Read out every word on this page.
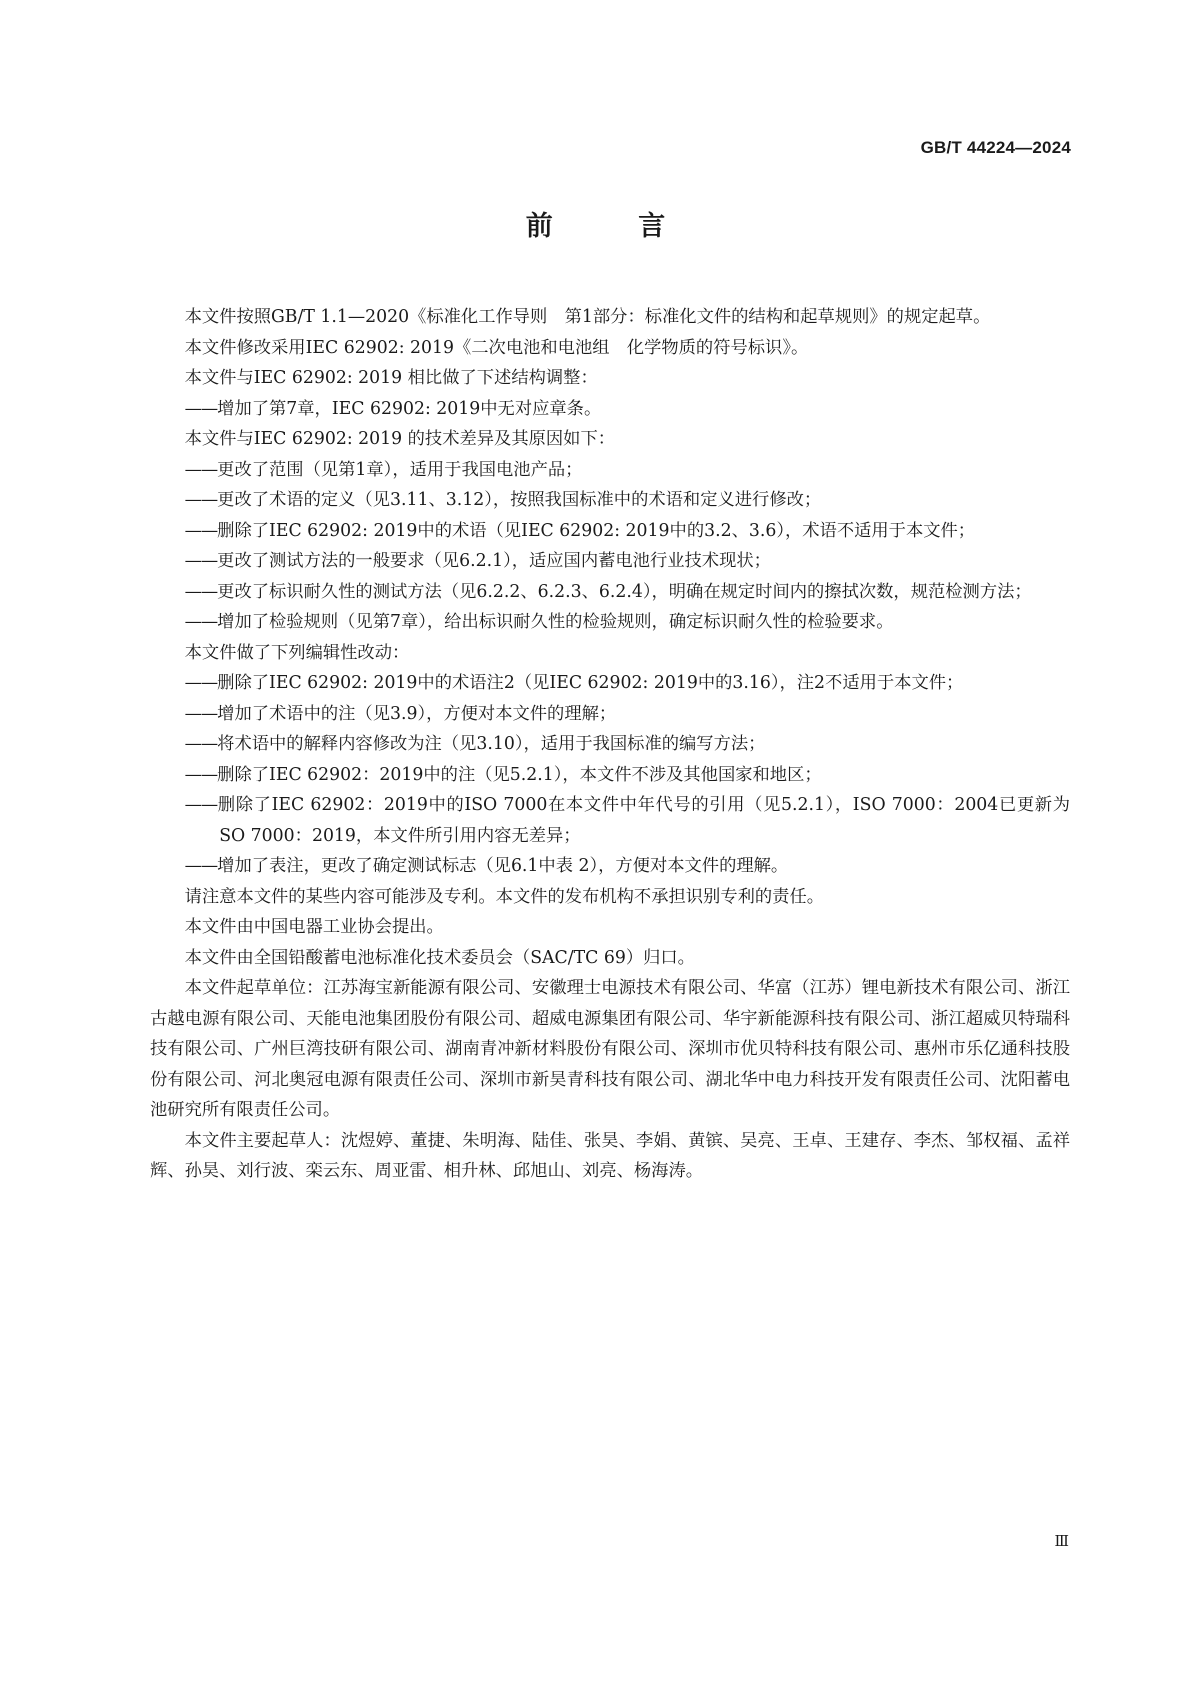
GB/T 44224—2024
前 言

本文件按照GB/T 1.1—2020《标准化工作导则　第1部分：标准化文件的结构和起草规则》的规定起草。

本文件修改采用IEC 62902: 2019《二次电池和电池组　化学物质的符号标识》。

本文件与IEC 62902: 2019 相比做了下述结构调整：

——增加了第7章，IEC 62902: 2019中无对应章条。

本文件与IEC 62902: 2019 的技术差异及其原因如下：

——更改了范围（见第1章），适用于我国电池产品；

——更改了术语的定义（见3.11、3.12），按照我国标准中的术语和定义进行修改；

——删除了IEC 62902: 2019中的术语（见IEC 62902: 2019中的3.2、3.6），术语不适用于本文件；

——更改了测试方法的一般要求（见6.2.1），适应国内蓄电池行业技术现状；

——更改了标识耐久性的测试方法（见6.2.2、6.2.3、6.2.4），明确在规定时间内的擦拭次数，规范检测方法；

——增加了检验规则（见第7章），给出标识耐久性的检验规则，确定标识耐久性的检验要求。

本文件做了下列编辑性改动：

——删除了IEC 62902: 2019中的术语注2（见IEC 62902: 2019中的3.16），注2不适用于本文件；

——增加了术语中的注（见3.9），方便对本文件的理解；

——将术语中的解释内容修改为注（见3.10），适用于我国标准的编写方法；

——删除了IEC 62902：2019中的注（见5.2.1），本文件不涉及其他国家和地区；

——删除了IEC 62902：2019中的ISO 7000在本文件中年代号的引用（见5.2.1），ISO 7000：2004已更新为SO 7000：2019，本文件所引用内容无差异；

——增加了表注，更改了确定测试标志（见6.1中表 2），方便对本文件的理解。

请注意本文件的某些内容可能涉及专利。本文件的发布机构不承担识别专利的责任。

本文件由中国电器工业协会提出。

本文件由全国铅酸蓄电池标准化技术委员会（SAC/TC 69）归口。

本文件起草单位：江苏海宝新能源有限公司、安徽理士电源技术有限公司、华富（江苏）锂电新技术有限公司、浙江古越电源有限公司、天能电池集团股份有限公司、超威电源集团有限公司、华宇新能源科技有限公司、浙江超威贝特瑞科技有限公司、广州巨湾技研有限公司、湖南青冲新材料股份有限公司、深圳市优贝特科技有限公司、惠州市乐亿通科技股份有限公司、河北奥冠电源有限责任公司、深圳市新昊青科技有限公司、湖北华中电力科技开发有限责任公司、沈阳蓄电池研究所有限责任公司。

本文件主要起草人：沈煜婷、董捷、朱明海、陆佳、张昊、李娟、黄镔、吴亮、王卓、王建存、李杰、邹权福、孟祥辉、孙昊、刘行波、栾云东、周亚雷、相升林、邱旭山、刘亮、杨海涛。

Ⅲ
